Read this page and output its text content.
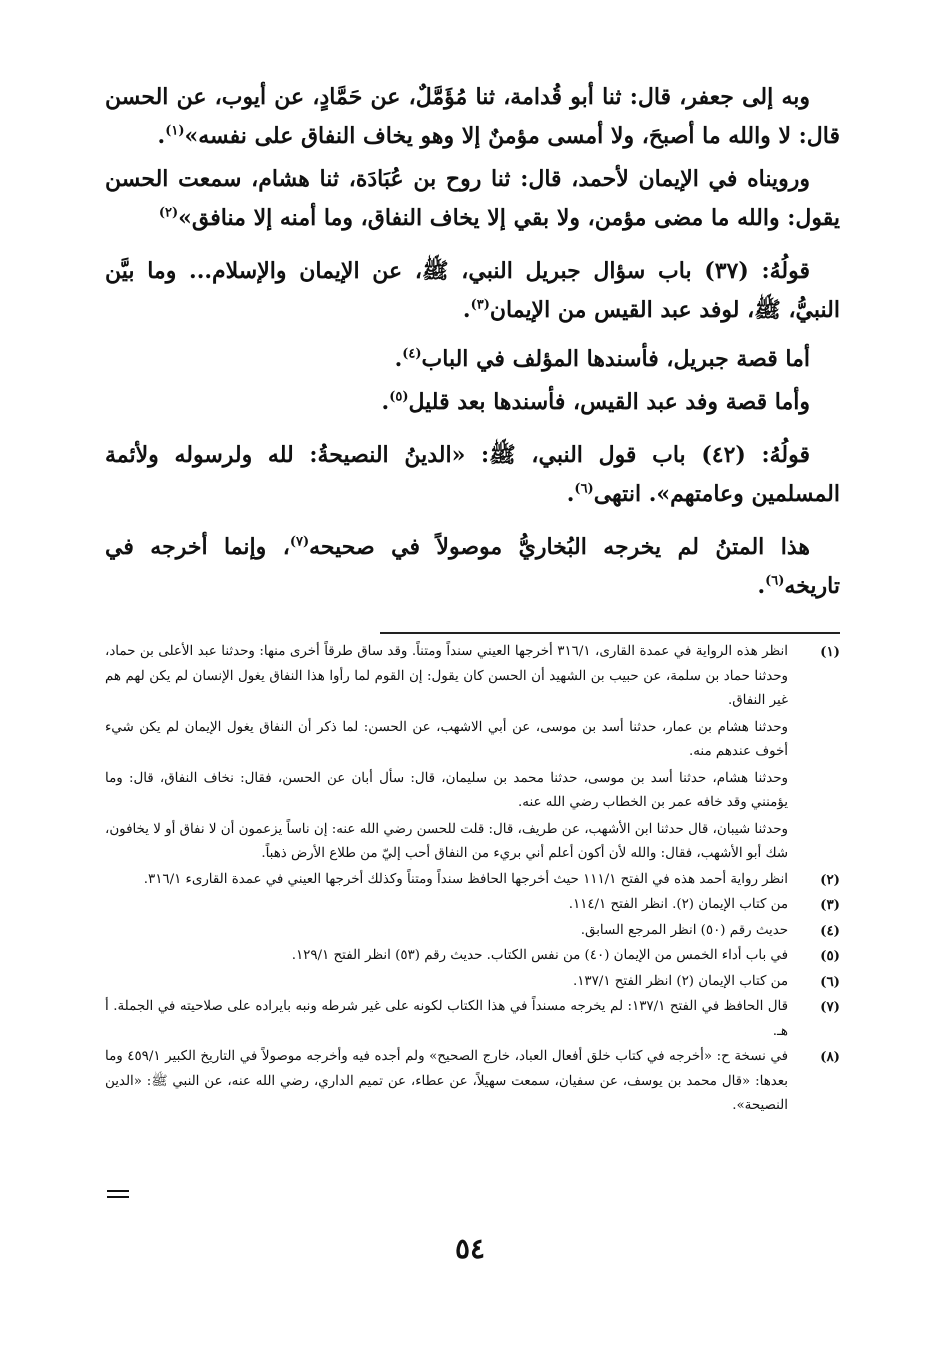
وبه إلى جعفر، قال: ثنا أبو قُدامة، ثنا مُؤَمَّلٌ، عن حَمَّادٍ، عن أيوب، عن الحسن قال: لا والله ما أصبحَ، ولا أمسى مؤمنٌ إلا وهو يخاف النفاق على نفسه»$^{(١)}$.

ورويناه في الإيمان لأحمد، قال: ثنا روح بن عُبَادَة، ثنا هشام، سمعت الحسن يقول: والله ما مضى مؤمن، ولا بقي إلا يخاف النفاق، وما أمنه إلا منافق»$^{(٢)}$

قولُهُ: (٣٧) باب سؤال جبريل النبي، ﷺ، عن الإيمان والإسلام... وما بيَّن النبيُّ، ﷺ، لوفد عبد القيس من الإيمان$^{(٣)}$.

أما قصة جبريل، فأسندها المؤلف في الباب$^{(٤)}$.

وأما قصة وفد عبد القيس، فأسندها بعد قليل$^{(٥)}$.

قولُهُ: (٤٢) باب قول النبي، ﷺ: «الدينُ النصيحةُ: لله ولرسوله ولأئمة المسلمين وعامتهم». انتهى$^{(٦)}$.

هذا المتنُ لم يخرجه البُخاريُّ موصولاً في صحيحه$^{(٧)}$، وإنما أخرجه في تاريخه$^{(٦)}$.

(١)

انظر هذه الرواية في عمدة القارى، ٣١٦/١ أخرجها العيني سنداً ومتناً. وقد ساق طرقاً أخرى منها: وحدثنا عبد الأعلى بن حماد، وحدثنا حماد بن سلمة، عن حبيب بن الشهيد أن الحسن كان يقول: إن القوم لما رأوا هذا النفاق يغول الإنسان لم يكن لهم هم غير النفاق.

وحدثنا هشام بن عمار، حدثنا أسد بن موسى، عن أبي الاشهب، عن الحسن: لما ذكر أن النفاق يغول الإيمان لم يكن شيء أخوف عندهم منه.

وحدثنا هشام، حدثنا أسد بن موسى، حدثنا محمد بن سليمان، قال: سأل أبان عن الحسن، فقال: نخاف النفاق، قال: وما يؤمنني وقد خافه عمر بن الخطاب رضي الله عنه.

وحدثنا شيبان، قال حدثنا ابن الأشهب، عن طريف، قال: قلت للحسن رضي الله عنه: إن ناساً يزعمون أن لا نفاق أو لا يخافون، شك أبو الأشهب، فقال: والله لأن أكون أعلم أني بريء من النفاق أحب إليّ من طلاع الأرض ذهباً.

(٢)

انظر رواية أحمد هذه في الفتح ١١١/١ حيث أخرجها الحافظ سنداً ومتناً وكذلك أخرجها العيني في عمدة القارىء ٣١٦/١.

(٣)

من كتاب الإيمان (٢). انظر الفتح ١١٤/١.

(٤)

حديث رقم (٥٠) انظر المرجع السابق.

(٥)

في باب أداء الخمس من الإيمان (٤٠) من نفس الكتاب. حديث رقم (٥٣) انظر الفتح ١٢٩/١.

(٦)

من كتاب الإيمان (٢) انظر الفتح ١٣٧/١.

(٧)

قال الحافظ في الفتح ١٣٧/١: لم يخرجه مسنداً في هذا الكتاب لكونه على غير شرطه ونبه بايراده على صلاحيته في الجملة. أ هـ.

(٨)

في نسخة ح: «أخرجه في كتاب خلق أفعال العباد، خارج الصحيح» ولم أجده فيه وأخرجه موصولاً في التاريخ الكبير ٤٥٩/١ وما بعدها: «قال محمد بن يوسف، عن سفيان، سمعت سهيلاً، عن عطاء، عن تميم الداري، رضي الله عنه، عن النبي ﷺ: «الدين النصيحة».

٥٤
